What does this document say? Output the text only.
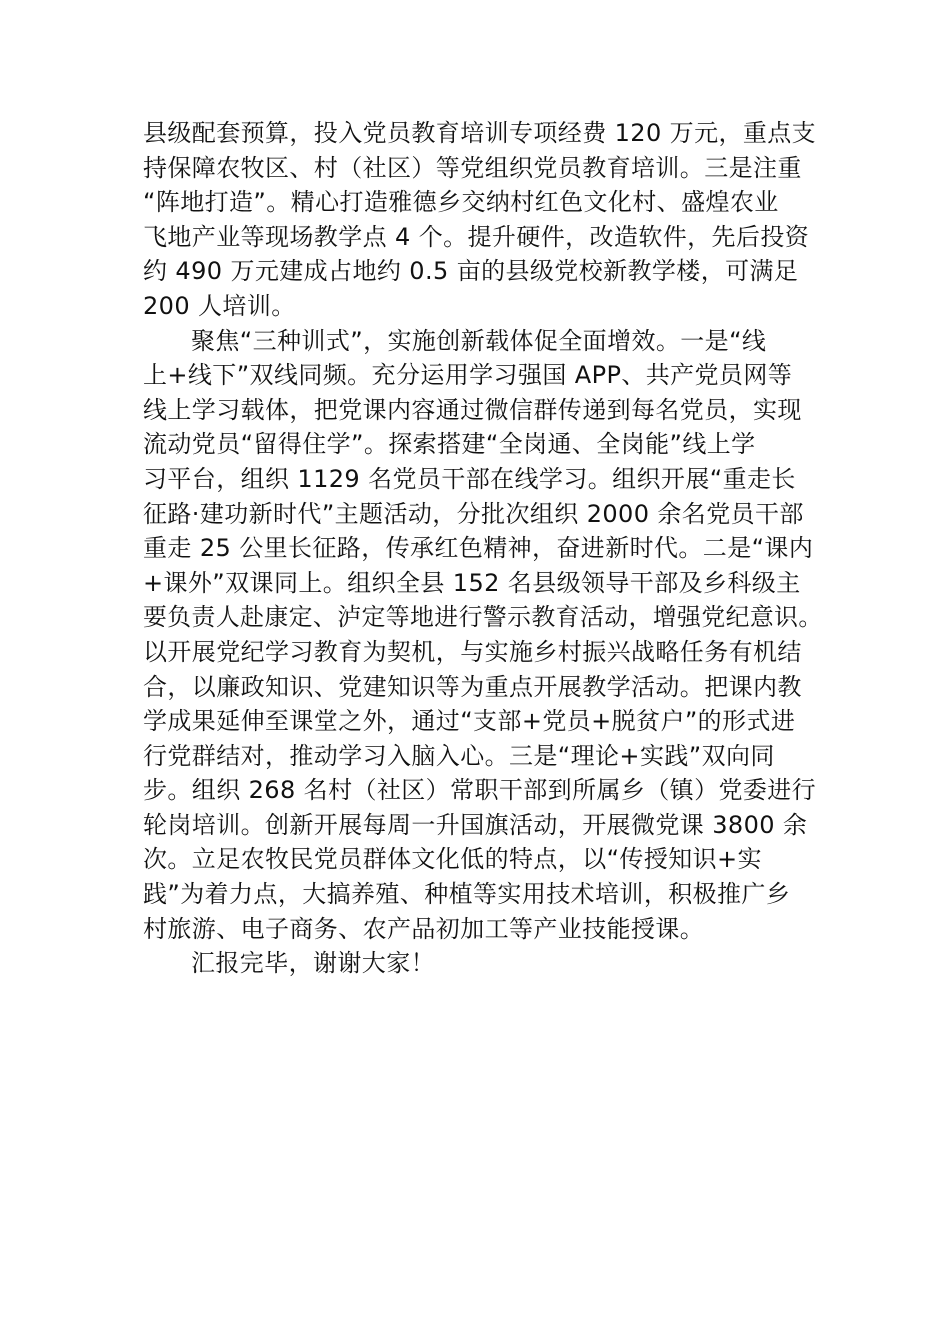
县级配套预算，投入党员教育培训专项经费 120 万元，重点支

持保障农牧区、村（社区）等党组织党员教育培训。三是注重

“阵地打造”。精心打造雅德乡交纳村红色文化村、盛煌农业

飞地产业等现场教学点 4 个。提升硬件，改造软件，先后投资

约 490 万元建成占地约 0.5 亩的县级党校新教学楼，可满足

200 人培训。

聚焦“三种训式”，实施创新载体促全面增效。一是“线

上+线下”双线同频。充分运用学习强国 APP、共产党员网等

线上学习载体，把党课内容通过微信群传递到每名党员，实现

流动党员“留得住学”。探索搭建“全岗通、全岗能”线上学

习平台，组织 1129 名党员干部在线学习。组织开展“重走长

征路·建功新时代”主题活动，分批次组织 2000 余名党员干部

重走 25 公里长征路，传承红色精神，奋进新时代。二是“课内

+课外”双课同上。组织全县 152 名县级领导干部及乡科级主

要负责人赴康定、泸定等地进行警示教育活动，增强党纪意识。

以开展党纪学习教育为契机，与实施乡村振兴战略任务有机结

合，以廉政知识、党建知识等为重点开展教学活动。把课内教

学成果延伸至课堂之外，通过“支部+党员+脱贫户”的形式进

行党群结对，推动学习入脑入心。三是“理论+实践”双向同

步。组织 268 名村（社区）常职干部到所属乡（镇）党委进行

轮岗培训。创新开展每周一升国旗活动，开展微党课 3800 余

次。立足农牧民党员群体文化低的特点，以“传授知识+实

践”为着力点，大搞养殖、种植等实用技术培训，积极推广乡

村旅游、电子商务、农产品初加工等产业技能授课。

汇报完毕，谢谢大家！
